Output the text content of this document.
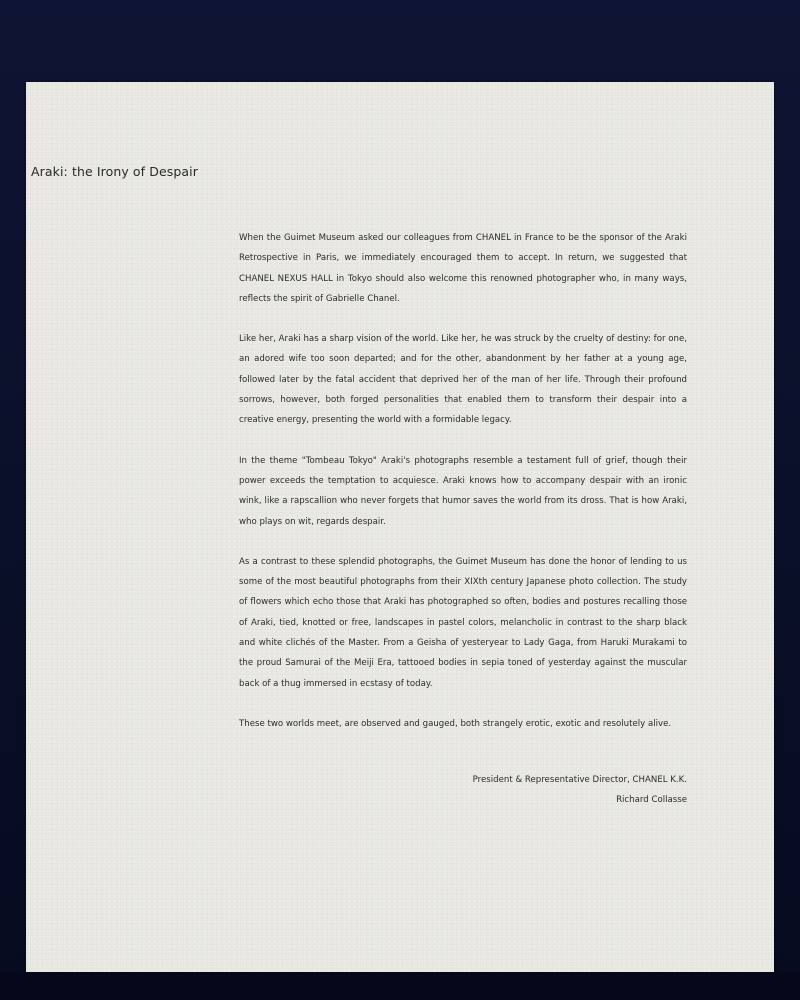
Araki: the Irony of Despair

When the Guimet Museum asked our colleagues from CHANEL in France to be the sponsor of the Araki Retrospective in Paris, we immediately encouraged them to accept. In return, we suggested that CHANEL NEXUS HALL in Tokyo should also welcome this renowned photographer who, in many ways, reflects the spirit of Gabrielle Chanel.

Like her, Araki has a sharp vision of the world. Like her, he was struck by the cruelty of destiny: for one, an adored wife too soon departed; and for the other, abandonment by her father at a young age, followed later by the fatal accident that deprived her of the man of her life. Through their profound sorrows, however, both forged personalities that enabled them to transform their despair into a creative energy, presenting the world with a formidable legacy.

In the theme "Tombeau Tokyo" Araki's photographs resemble a testament full of grief, though their power exceeds the temptation to acquiesce. Araki knows how to accompany despair with an ironic wink, like a rapscallion who never forgets that humor saves the world from its dross. That is how Araki, who plays on wit, regards despair.

As a contrast to these splendid photographs, the Guimet Museum has done the honor of lending to us some of the most beautiful photographs from their XIXth century Japanese photo collection. The study of flowers which echo those that Araki has photographed so often, bodies and postures recalling those of Araki, tied, knotted or free, landscapes in pastel colors, melancholic in contrast to the sharp black and white clichés of the Master. From a Geisha of yesteryear to Lady Gaga, from Haruki Murakami to the proud Samurai of the Meiji Era, tattooed bodies in sepia toned of yesterday against the muscular back of a thug immersed in ecstasy of today.

These two worlds meet, are observed and gauged, both strangely erotic, exotic and resolutely alive.

President & Representative Director, CHANEL K.K.
Richard Collasse
